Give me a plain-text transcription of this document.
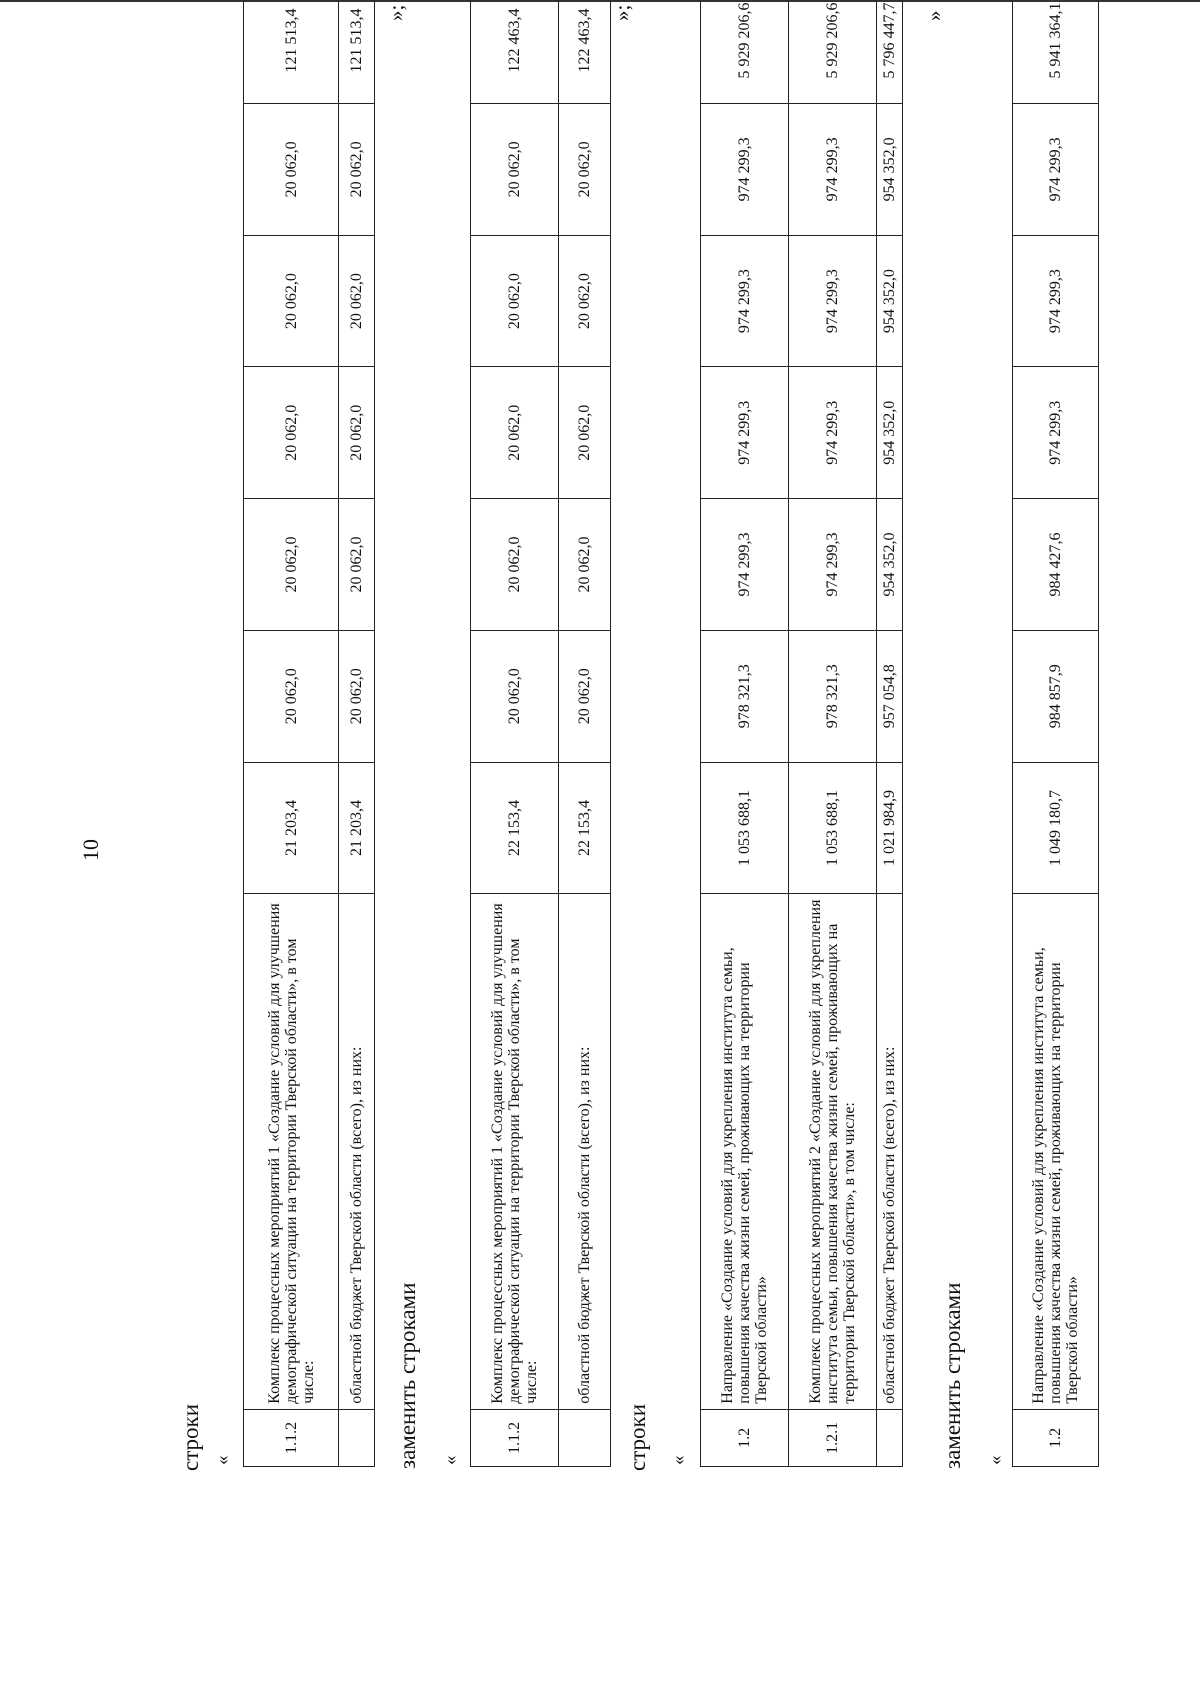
10
строки «
1.1.2	Комплекс процессных мероприятий 1 «Создание условий для улучшения демографической ситуации на территории Тверской области», в том числе:	21 203,4	20 062,0	20 062,0	20 062,0	20 062,0	20 062,0	121 513,4
	областной бюджет Тверской области (всего), из них:	21 203,4	20 062,0	20 062,0	20 062,0	20 062,0	20 062,0	121 513,4 »;
заменить строками «
1.1.2	Комплекс процессных мероприятий 1 «Создание условий для улучшения демографической ситуации на территории Тверской области», в том числе:	22 153,4	20 062,0	20 062,0	20 062,0	20 062,0	20 062,0	122 463,4
	областной бюджет Тверской области (всего), из них:	22 153,4	20 062,0	20 062,0	20 062,0	20 062,0	20 062,0	122 463,4 »;
строки «
1.2	Направление «Создание условий для укрепления института семьи, повышения качества жизни семей, проживающих на территории Тверской области»	1 053 688,1	978 321,3	974 299,3	974 299,3	974 299,3	974 299,3	5 929 206,6
1.2.1	Комплекс процессных мероприятий 2 «Создание условий для укрепления института семьи, повышения качества жизни семей, проживающих на территории Тверской области», в том числе:	1 053 688,1	978 321,3	974 299,3	974 299,3	974 299,3	974 299,3	5 929 206,6
	областной бюджет Тверской области (всего), из них:	1 021 984,9	957 054,8	954 352,0	954 352,0	954 352,0	954 352,0	5 796 447,7 »
заменить строками «
1.2	Направление «Создание условий для укрепления института семьи, повышения качества жизни семей, проживающих на территории Тверской области»	1 049 180,7	984 857,9	984 427,6	974 299,3	974 299,3	974 299,3	5 941 364,1
